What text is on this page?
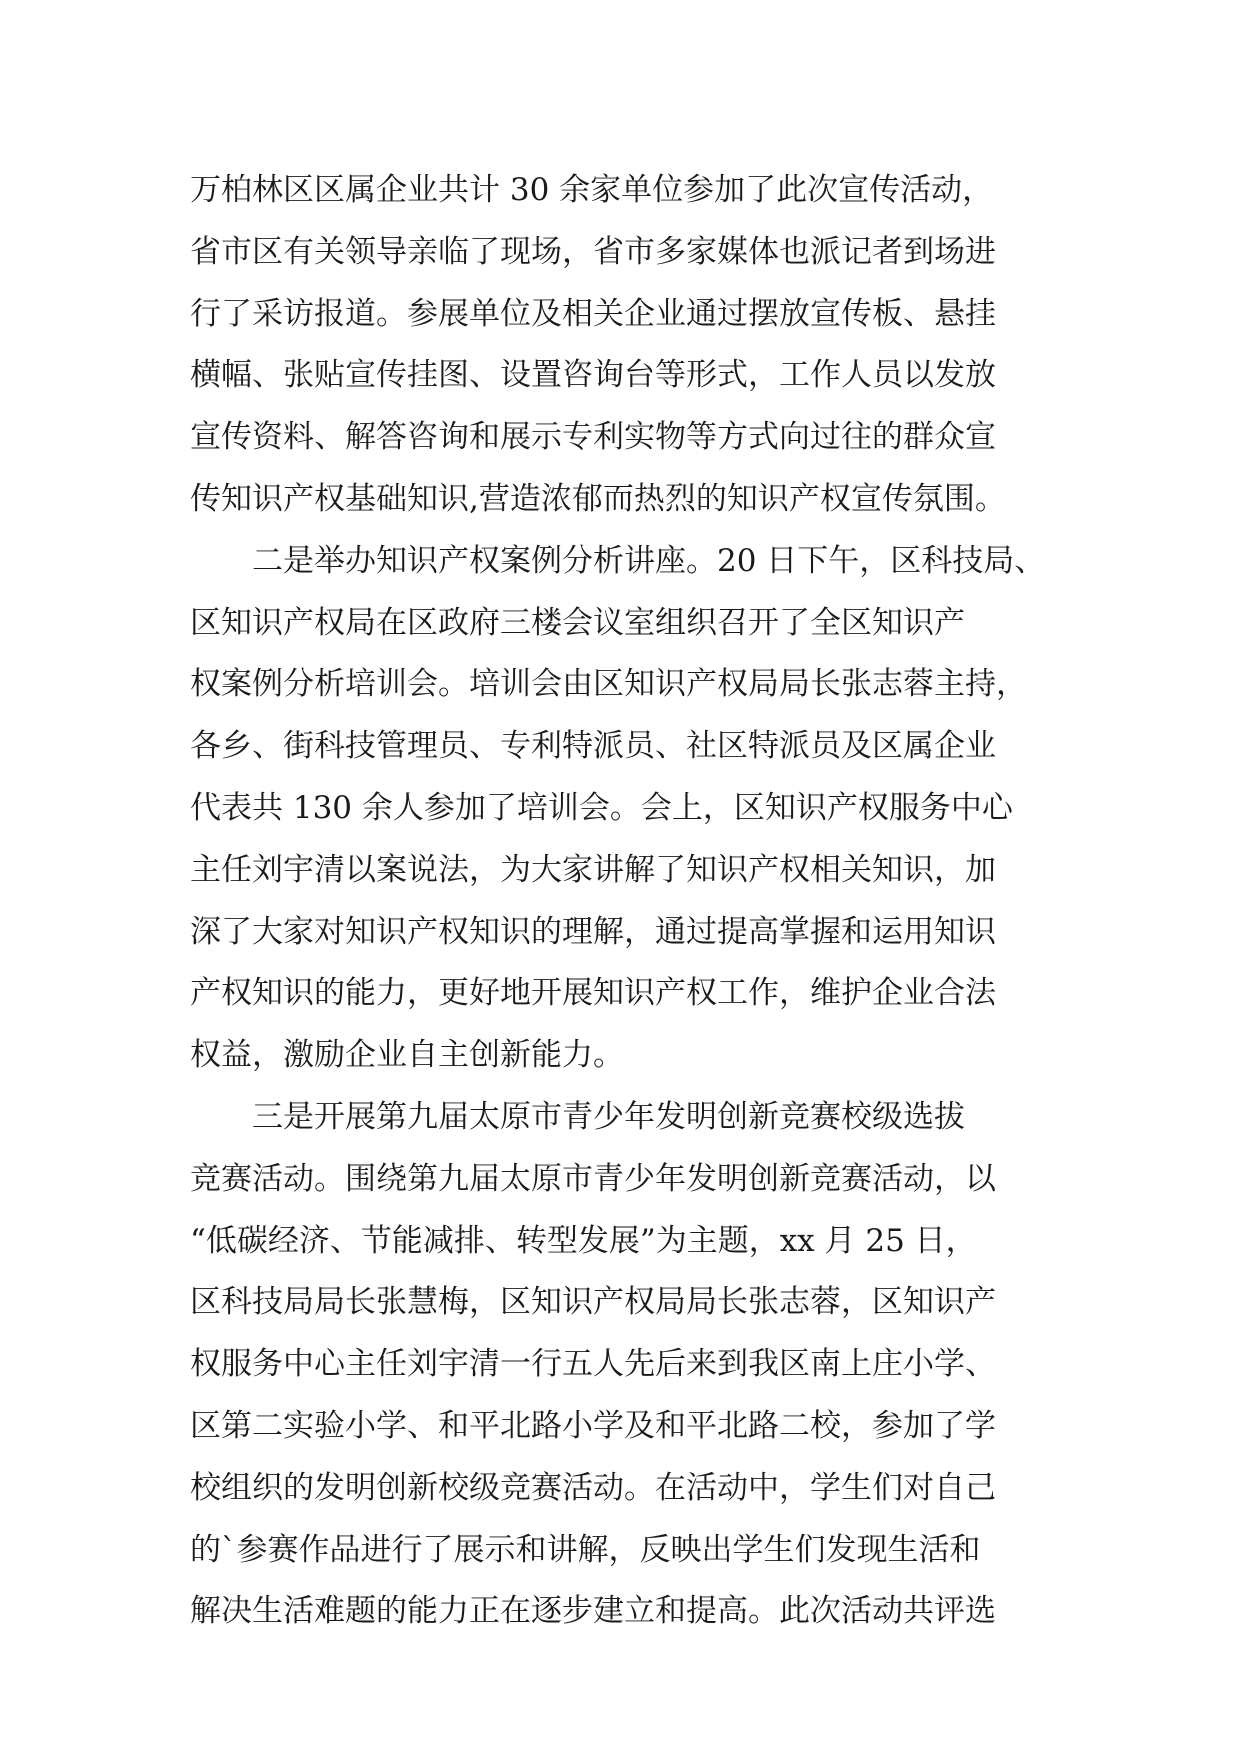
万柏林区区属企业共计 30 余家单位参加了此次宣传活动，
省市区有关领导亲临了现场，省市多家媒体也派记者到场进
行了采访报道。参展单位及相关企业通过摆放宣传板、悬挂
横幅、张贴宣传挂图、设置咨询台等形式，工作人员以发放
宣传资料、解答咨询和展示专利实物等方式向过往的群众宣
传知识产权基础知识,营造浓郁而热烈的知识产权宣传氛围。
二是举办知识产权案例分析讲座。20 日下午，区科技局、
区知识产权局在区政府三楼会议室组织召开了全区知识产
权案例分析培训会。培训会由区知识产权局局长张志蓉主持，
各乡、街科技管理员、专利特派员、社区特派员及区属企业
代表共 130 余人参加了培训会。会上，区知识产权服务中心
主任刘宇清以案说法，为大家讲解了知识产权相关知识，加
深了大家对知识产权知识的理解，通过提高掌握和运用知识
产权知识的能力，更好地开展知识产权工作，维护企业合法
权益，激励企业自主创新能力。
三是开展第九届太原市青少年发明创新竞赛校级选拔
竞赛活动。围绕第九届太原市青少年发明创新竞赛活动，以
“低碳经济、节能减排、转型发展”为主题，xx 月 25 日，
区科技局局长张慧梅，区知识产权局局长张志蓉，区知识产
权服务中心主任刘宇清一行五人先后来到我区南上庄小学、
区第二实验小学、和平北路小学及和平北路二校，参加了学
校组织的发明创新校级竞赛活动。在活动中，学生们对自己
的`参赛作品进行了展示和讲解，反映出学生们发现生活和
解决生活难题的能力正在逐步建立和提高。此次活动共评选
